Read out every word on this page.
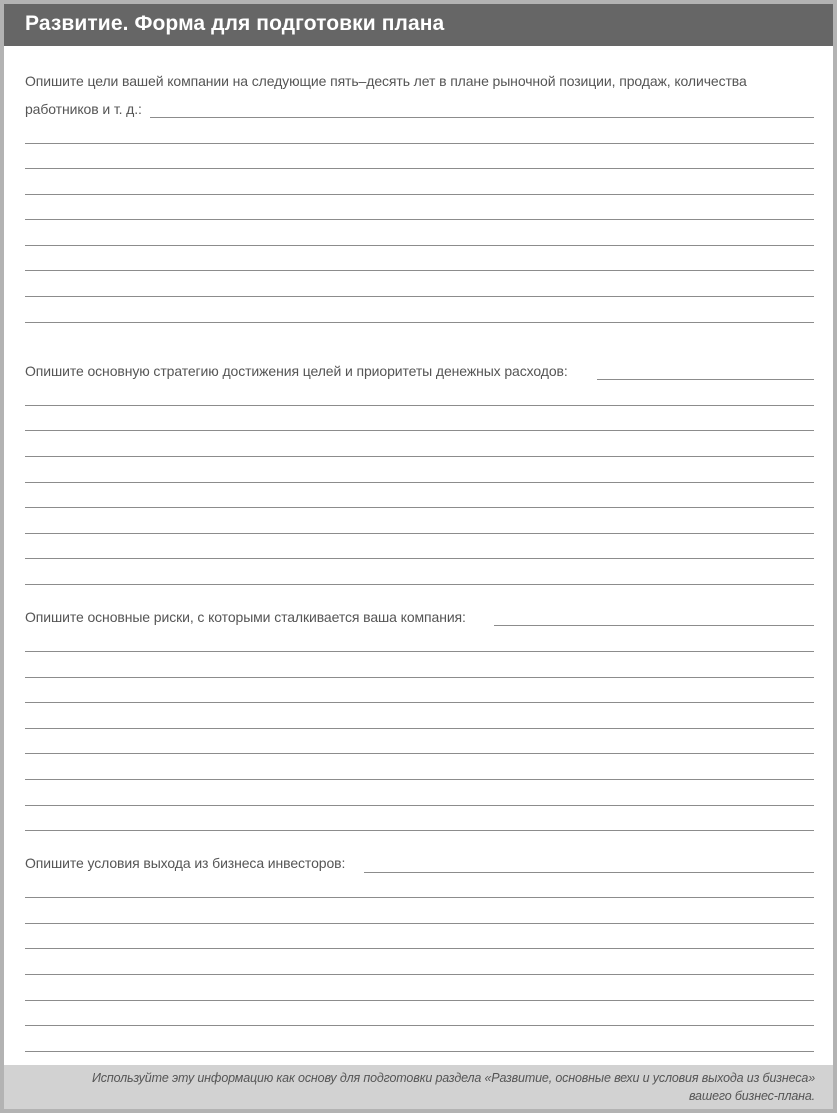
Развитие. Форма для подготовки плана
Опишите цели вашей компании на следующие пять–десять лет в плане рыночной позиции, продаж, количества
работников и т. д.:
Опишите основную стратегию достижения целей и приоритеты денежных расходов:
Опишите основные риски, с которыми сталкивается ваша компания:
Опишите условия выхода из бизнеса инвесторов:
Используйте эту информацию как основу для подготовки раздела «Развитие, основные вехи и условия выхода из бизнеса»
вашего бизнес-плана.
